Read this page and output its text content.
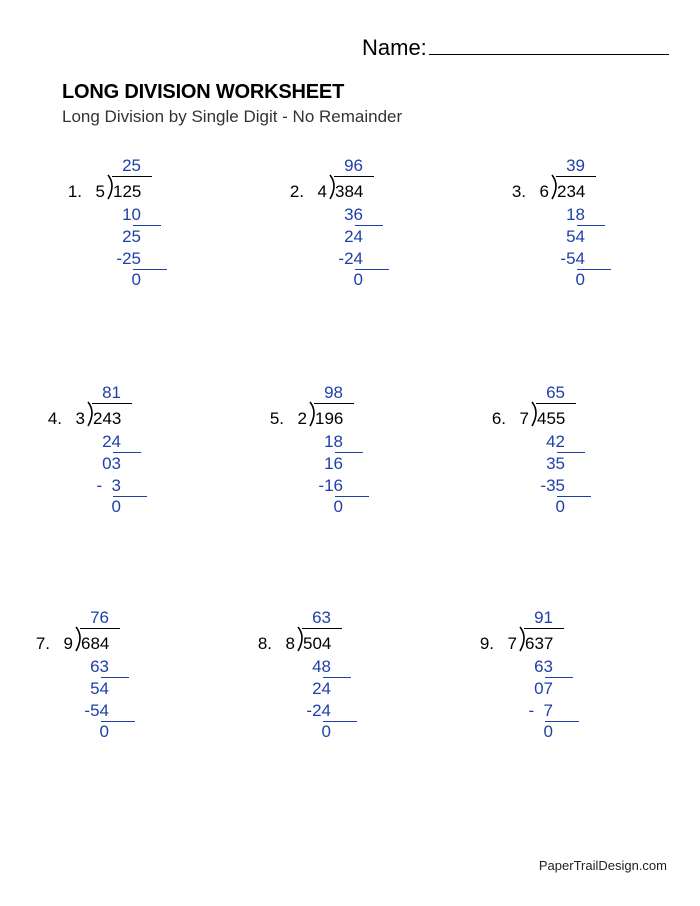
Name:
LONG DIVISION WORKSHEET
Long Division by Single Digit - No Remainder
25
1. 5 125
10
25
-25
0
96
2. 4 384
36
24
-24
0
39
3. 6 234
18
54
-54
0
81
4. 3 243
24
03
-  3
0
98
5. 2 196
18
16
-16
0
65
6. 7 455
42
35
-35
0
76
7. 9 684
63
54
-54
0
63
8. 8 504
48
24
-24
0
91
9. 7 637
63
07
-  7
0
PaperTrailDesign.com
